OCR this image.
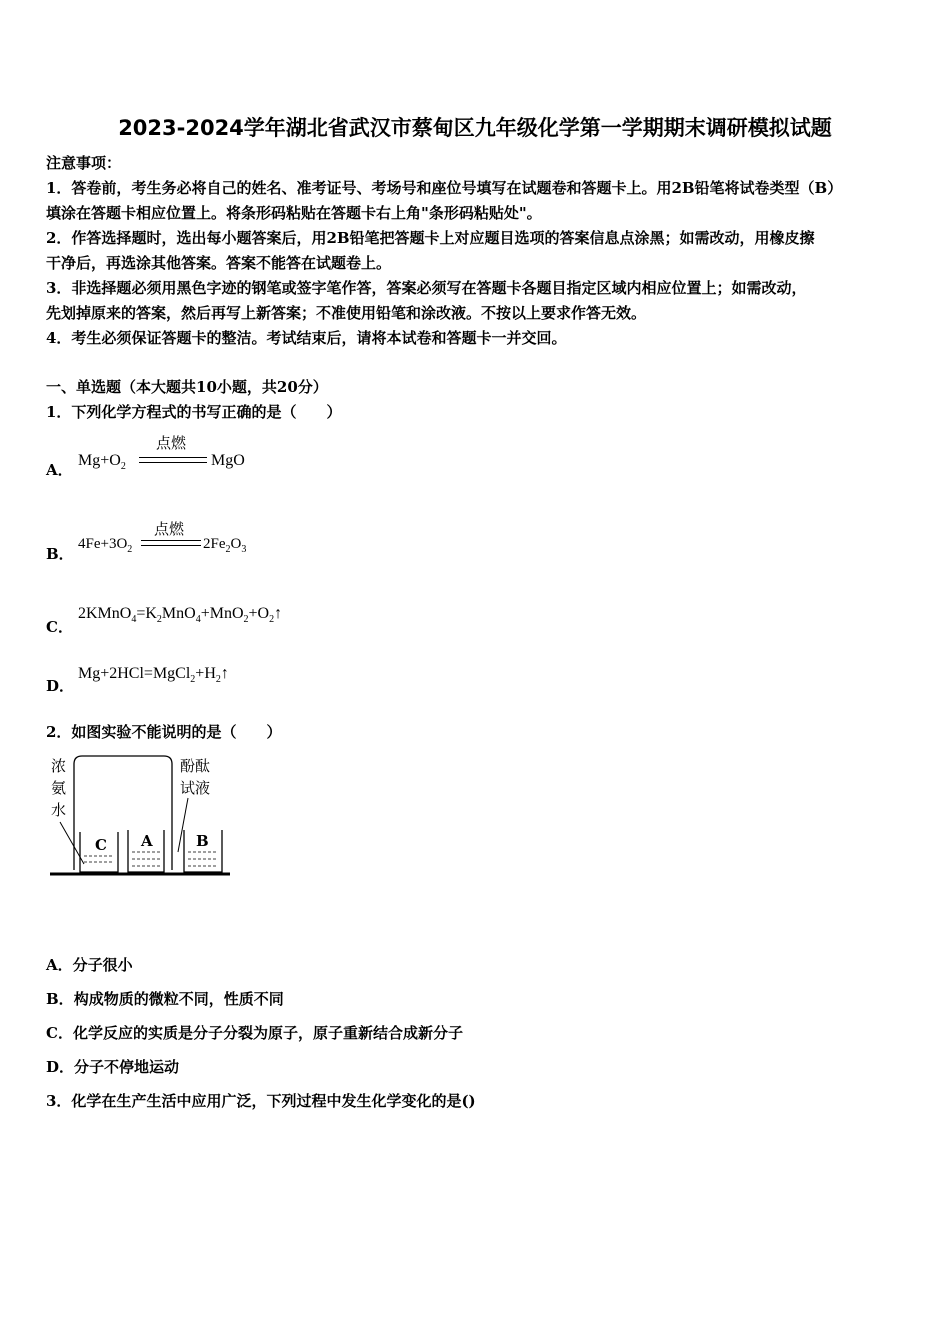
2023-2024学年湖北省武汉市蔡甸区九年级化学第一学期期末调研模拟试题
注意事项：
1．答卷前，考生务必将自己的姓名、准考证号、考场号和座位号填写在试题卷和答题卡上。用2B铅笔将试卷类型（B）
填涂在答题卡相应位置上。将条形码粘贴在答题卡右上角"条形码粘贴处"。
2．作答选择题时，选出每小题答案后，用2B铅笔把答题卡上对应题目选项的答案信息点涂黑；如需改动，用橡皮擦
干净后，再选涂其他答案。答案不能答在试题卷上。
3．非选择题必须用黑色字迹的钢笔或签字笔作答，答案必须写在答题卡各题目指定区域内相应位置上；如需改动，
先划掉原来的答案，然后再写上新答案；不准使用铅笔和涂改液。不按以上要求作答无效。
4．考生必须保证答题卡的整洁。考试结束后，请将本试卷和答题卡一并交回。
一、单选题（本大题共10小题，共20分）
1．下列化学方程式的书写正确的是（　　）
A．
$Mg+O_2$
点燃
MgO
B．
$4Fe+3O_2$
点燃
$2Fe_2O_3$
C．
$2KMnO_4=K_2MnO_4+MnO_2+O_2↑$
D．
$Mg+2HCl=MgCl_2+H_2↑$
2．如图实验不能说明的是（　　）
浓
氨
水
酚酞
试液
C A	B
A．分子很小
B．构成物质的微粒不同，性质不同
C．化学反应的实质是分子分裂为原子，原子重新结合成新分子
D．分子不停地运动
3．化学在生产生活中应用广泛，下列过程中发生化学变化的是()
